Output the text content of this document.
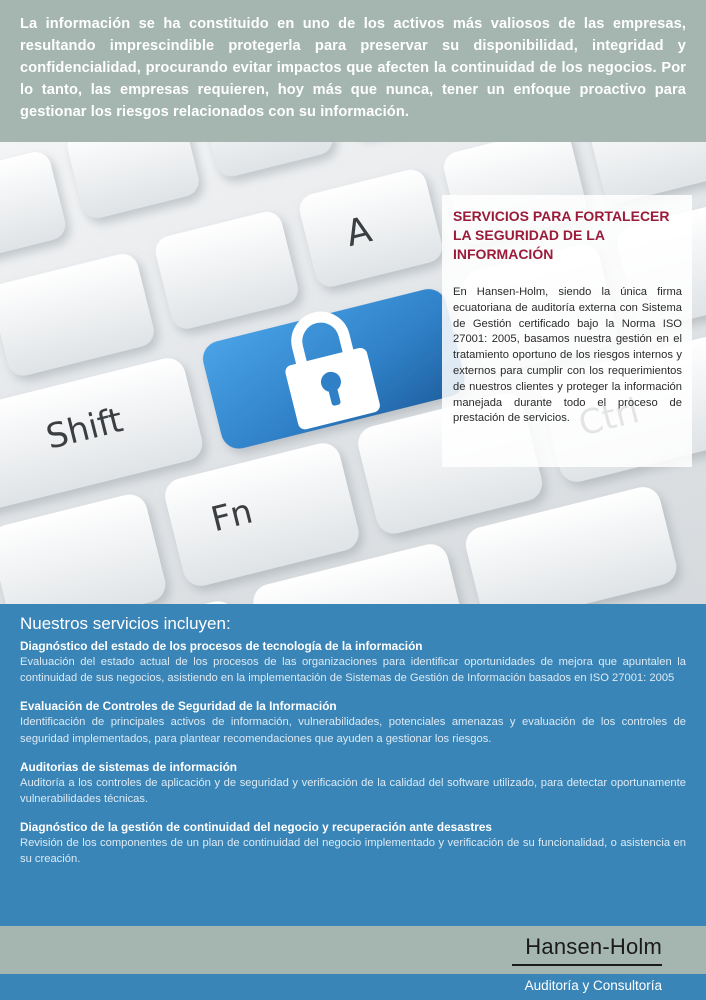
La información se ha constituido en uno de los activos más valiosos de las empresas, resultando imprescindible protegerla para preservar su disponibilidad, integridad y confidencialidad, procurando evitar impactos que afecten la continuidad de los negocios. Por lo tanto, las empresas requieren, hoy más que nunca, tener un enfoque proactivo para gestionar los riesgos relacionados con su información.

Shift
A
Fn
SERVICIOS PARA FORTALECER LA SEGURIDAD DE LA INFORMACIÓN

En Hansen-Holm, siendo la única firma ecuatoriana de auditoría externa con Sistema de Gestión certificado bajo la Norma ISO 27001: 2005, basamos nuestra gestión en el tratamiento oportuno de los riesgos internos y externos para cumplir con los requerimientos de nuestros clientes y proteger la información manejada durante todo el proceso de prestación de servicios.

Nuestros servicios incluyen:
Diagnóstico del estado de los procesos de tecnología de la información
Evaluación del estado actual de los procesos de las organizaciones para identificar oportunidades de mejora que apuntalen la continuidad de sus negocios, asistiendo en la implementación de Sistemas de Gestión de Información basados en ISO 27001: 2005
Evaluación de Controles de Seguridad de la Información
Identificación de principales activos de información, vulnerabilidades, potenciales amenazas y evaluación de los controles de seguridad implementados, para plantear recomendaciones que ayuden a gestionar los riesgos.
Auditorias de sistemas de información
Auditoría a los controles de aplicación y de seguridad y verificación de la calidad del software utilizado, para detectar oportunamente vulnerabilidades técnicas.
Diagnóstico de la gestión de continuidad del negocio y recuperación ante desastres
Revisión de los componentes de un plan de continuidad del negocio implementado y verificación de su funcionalidad, o asistencia en su creación.
Hansen-Holm
Auditoría y Consultoría
